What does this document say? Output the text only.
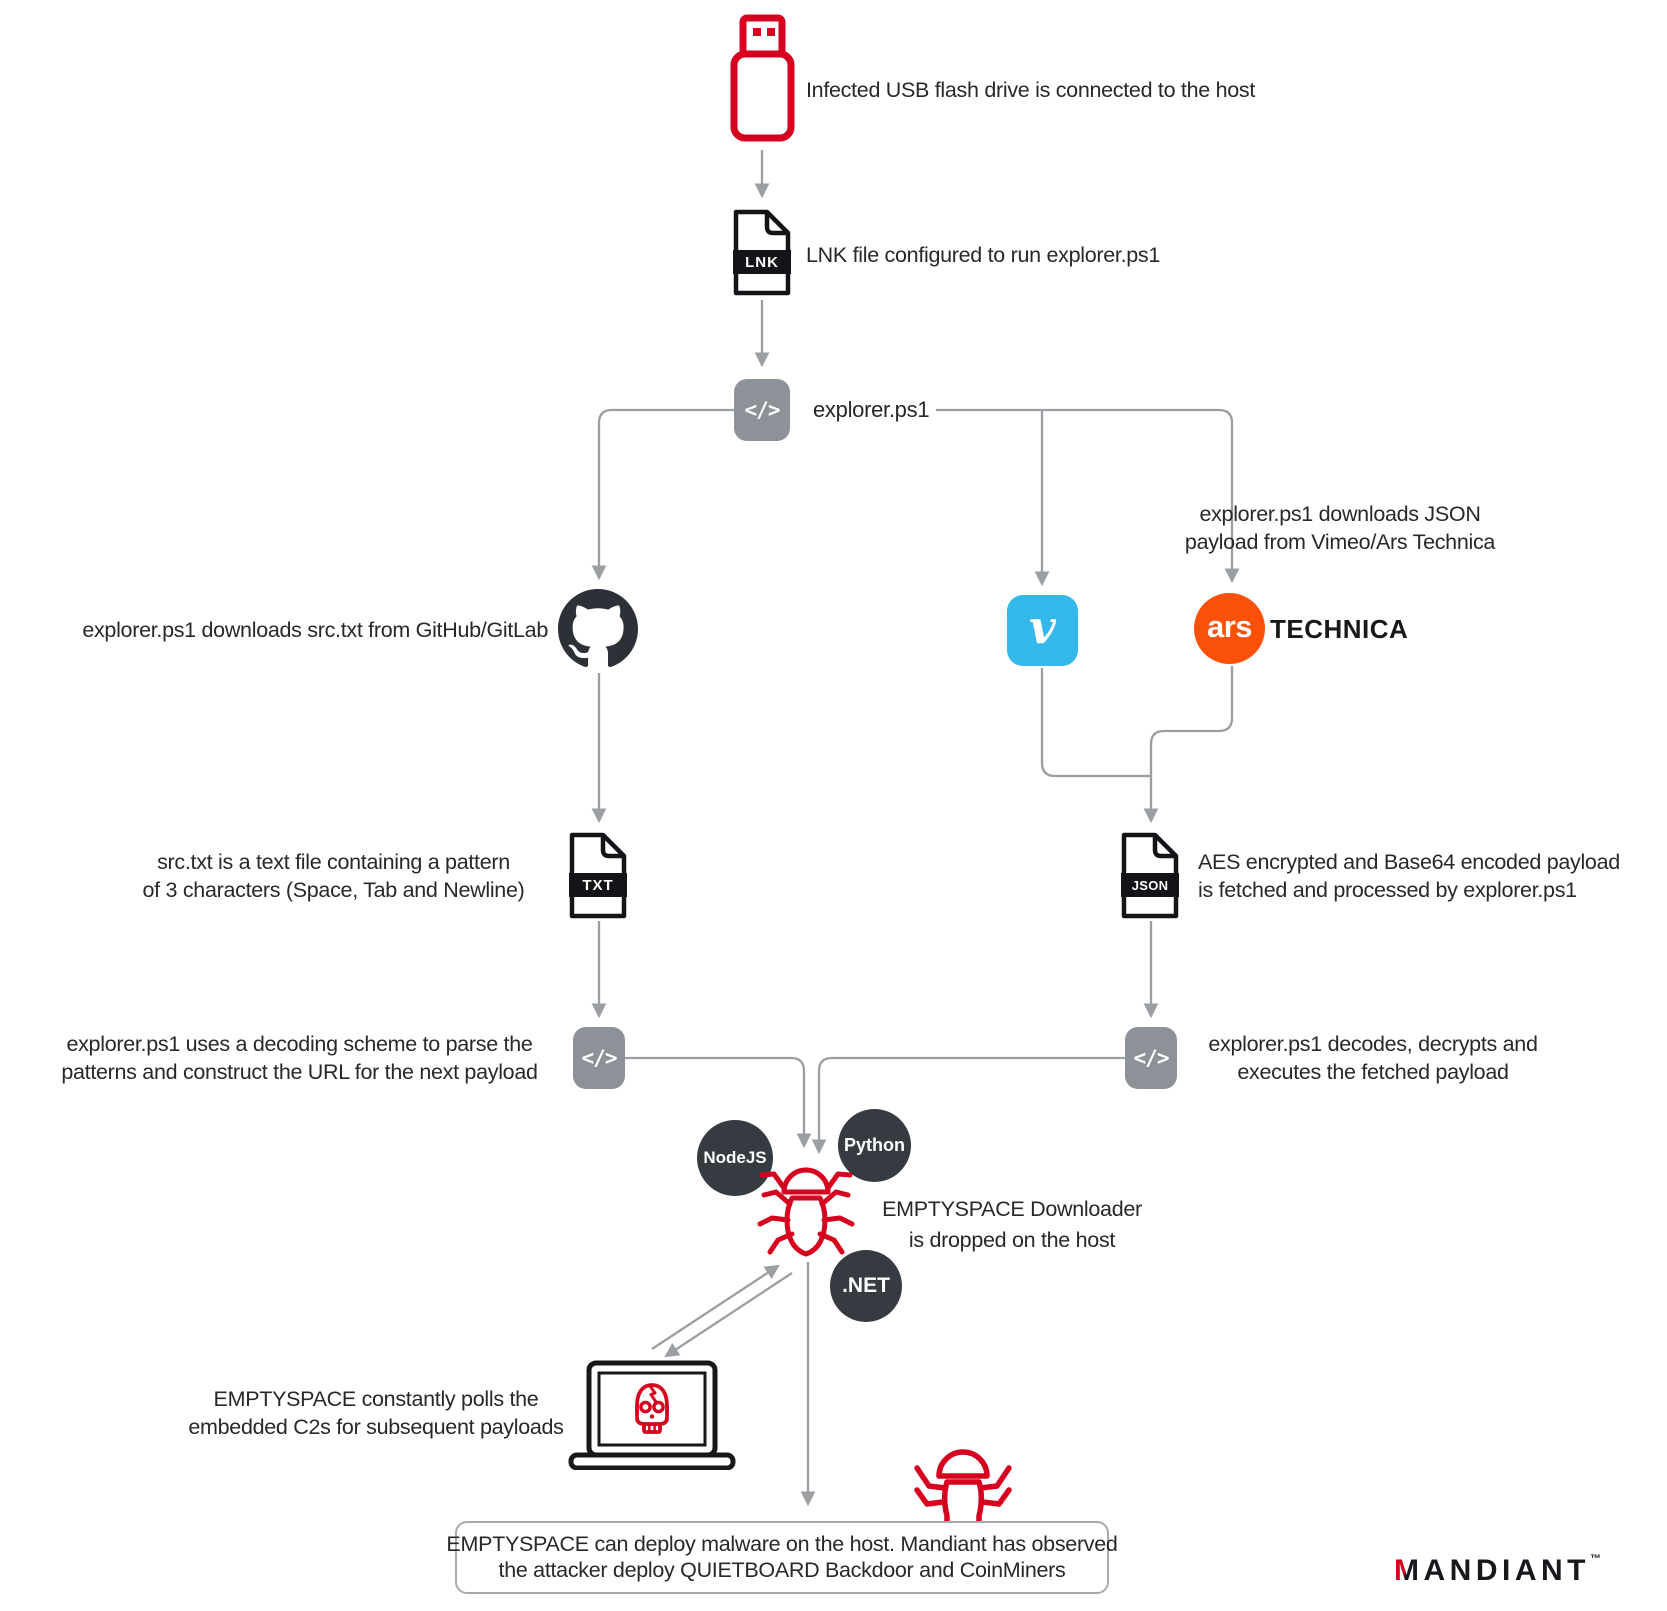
Infected USB flash drive is connected to the host
LNK	LNK file configured to run explorer.ps1
</> explorer.ps1
explorer.ps1 downloads src.txt from GitHub/GitLab
explorer.ps1 downloads JSON
payload from Vimeo/Ars Technica
v	ars TECHNICA
TXT
src.txt is a text file containing a pattern
of 3 characters (Space, Tab and Newline)	JSON
AES encrypted and Base64 encoded payload
is fetched and processed by explorer.ps1
</>
explorer.ps1 uses a decoding scheme to parse the
patterns and construct the URL for the next payload
</>
explorer.ps1 decodes, decrypts and
executes the fetched payload
NodeJS
Python
.NET
EMPTYSPACE Downloader
is dropped on the host
EMPTYSPACE constantly polls the
embedded C2s for subsequent payloads
EMPTYSPACE can deploy malware on the host. Mandiant has observed
the attacker deploy QUIETBOARD Backdoor and CoinMiners	MANDIANT™
